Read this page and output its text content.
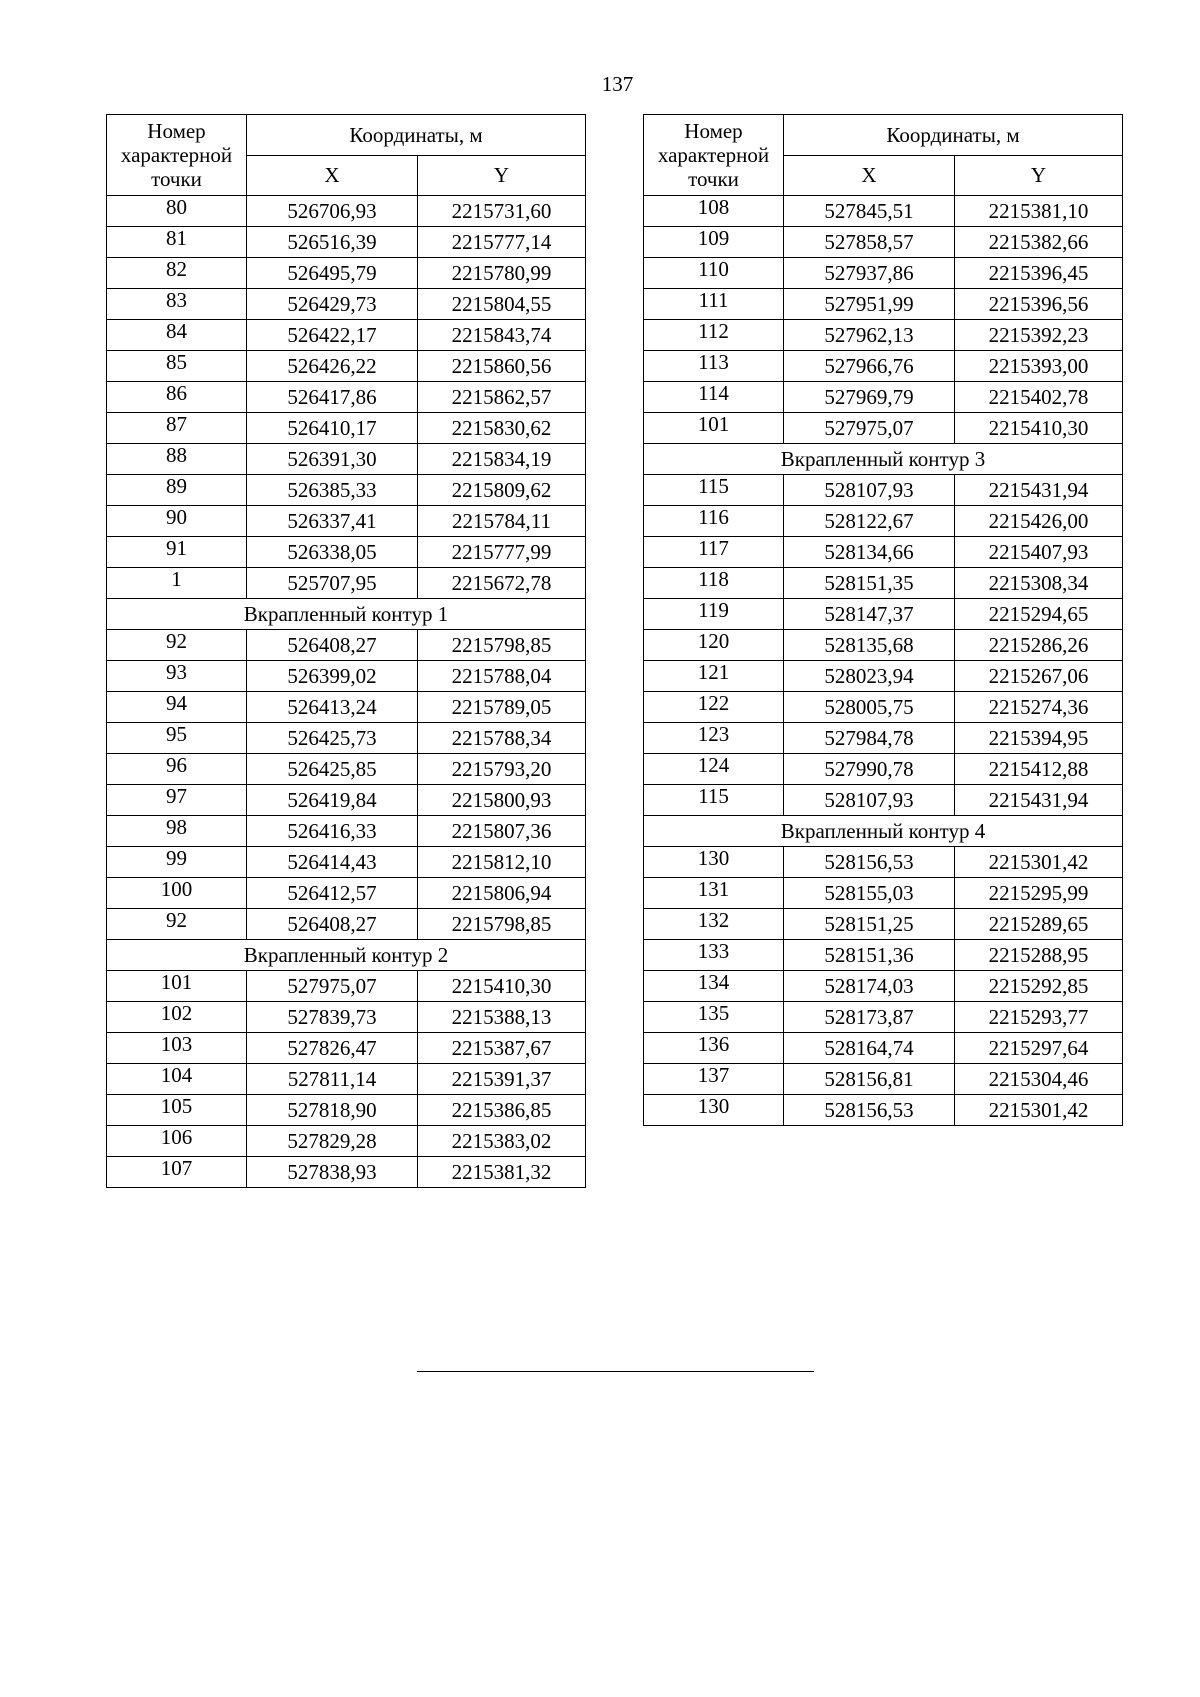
137
Номер характерной точки	Координаты, м	
	X	Y
80	526706,93	2215731,60
81	526516,39	2215777,14
82	526495,79	2215780,99
83	526429,73	2215804,55
84	526422,17	2215843,74
85	526426,22	2215860,56
86	526417,86	2215862,57
87	526410,17	2215830,62
88	526391,30	2215834,19
89	526385,33	2215809,62
90	526337,41	2215784,11
91	526338,05	2215777,99
1	525707,95	2215672,78
Вкрапленный контур 1		
92	526408,27	2215798,85
93	526399,02	2215788,04
94	526413,24	2215789,05
95	526425,73	2215788,34
96	526425,85	2215793,20
97	526419,84	2215800,93
98	526416,33	2215807,36
99	526414,43	2215812,10
100	526412,57	2215806,94
92	526408,27	2215798,85
Вкрапленный контур 2		
101	527975,07	2215410,30
102	527839,73	2215388,13
103	527826,47	2215387,67
104	527811,14	2215391,37
105	527818,90	2215386,85
106	527829,28	2215383,02
107	527838,93	2215381,32
Номер характерной точки	Координаты, м	
	X	Y
108	527845,51	2215381,10
109	527858,57	2215382,66
110	527937,86	2215396,45
111	527951,99	2215396,56
112	527962,13	2215392,23
113	527966,76	2215393,00
114	527969,79	2215402,78
101	527975,07	2215410,30
Вкрапленный контур 3		
115	528107,93	2215431,94
116	528122,67	2215426,00
117	528134,66	2215407,93
118	528151,35	2215308,34
119	528147,37	2215294,65
120	528135,68	2215286,26
121	528023,94	2215267,06
122	528005,75	2215274,36
123	527984,78	2215394,95
124	527990,78	2215412,88
115	528107,93	2215431,94
Вкрапленный контур 4		
130	528156,53	2215301,42
131	528155,03	2215295,99
132	528151,25	2215289,65
133	528151,36	2215288,95
134	528174,03	2215292,85
135	528173,87	2215293,77
136	528164,74	2215297,64
137	528156,81	2215304,46
130	528156,53	2215301,42
